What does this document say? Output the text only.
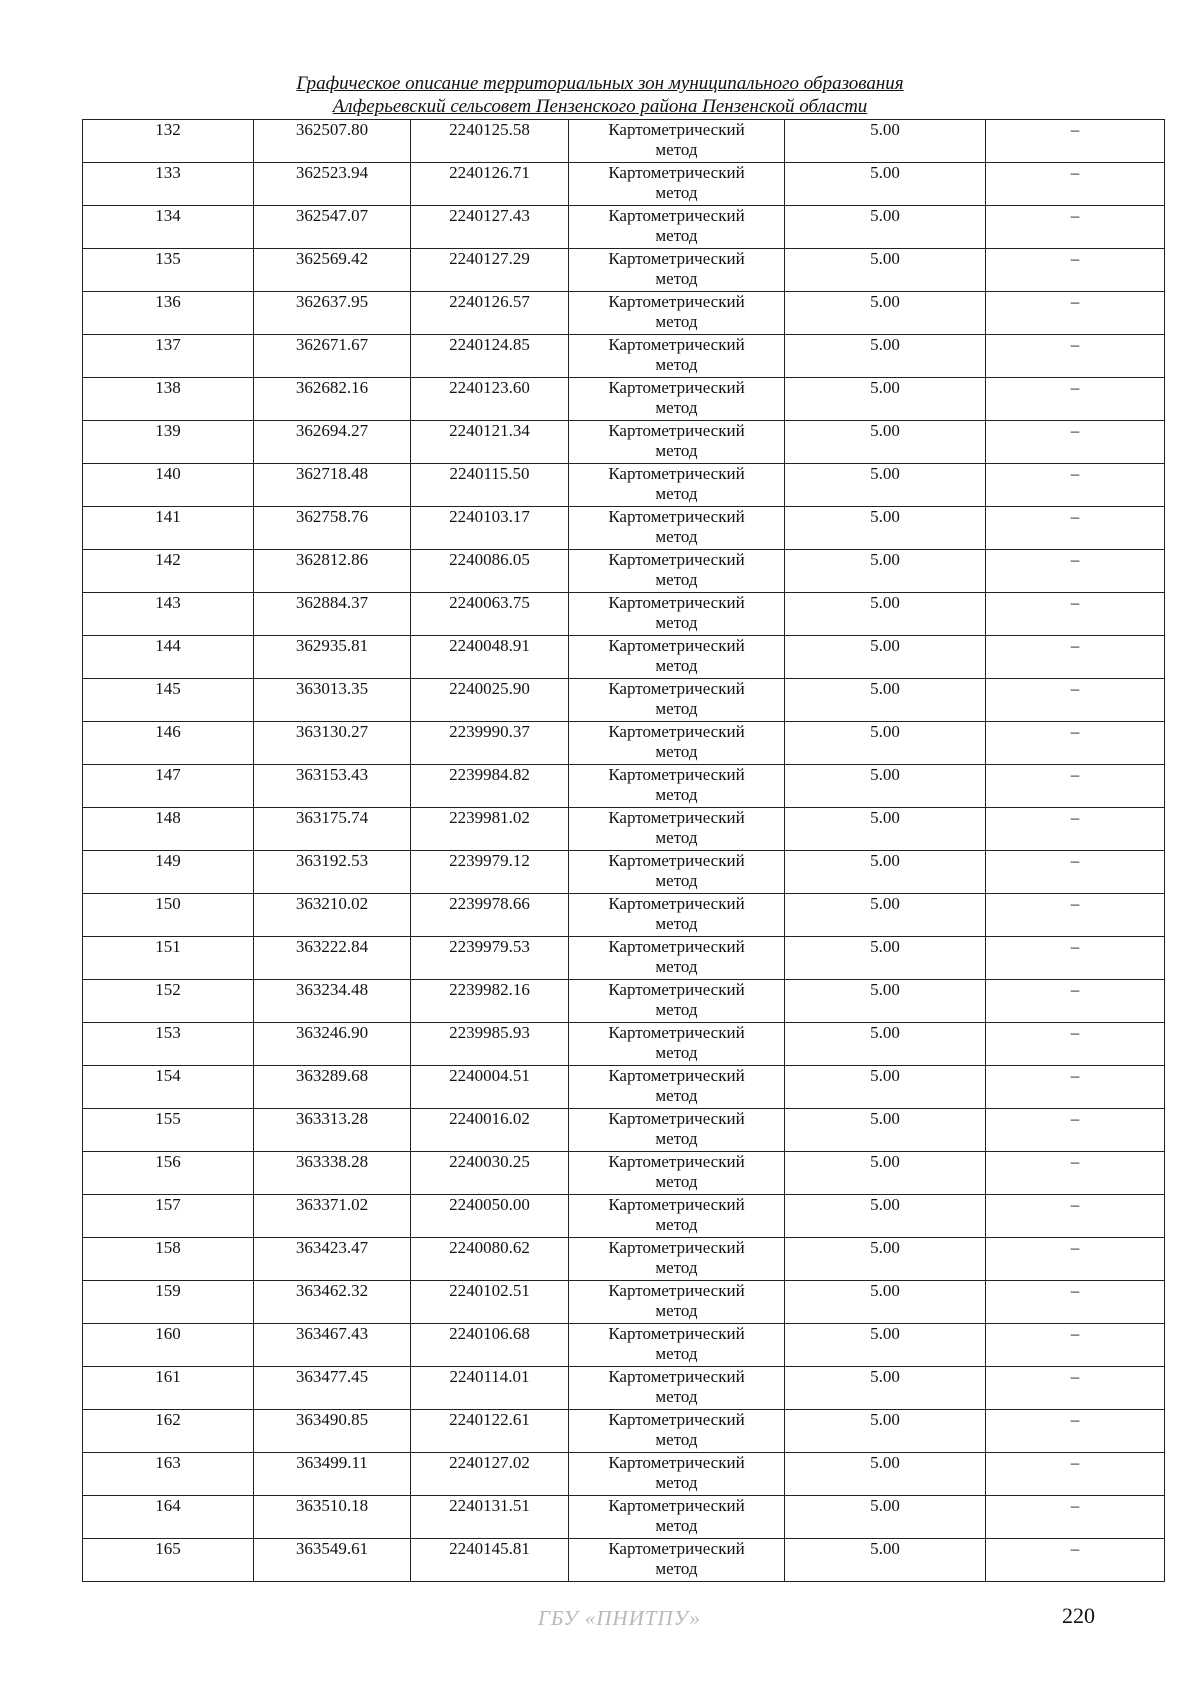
Графическое описание территориальных зон муниципального образования
Алферьевский сельсовет Пензенского района Пензенской области
132	362507.80	2240125.58	Картометрический
метод	5.00	–
133	362523.94	2240126.71	Картометрический
метод	5.00	–
134	362547.07	2240127.43	Картометрический
метод	5.00	–
135	362569.42	2240127.29	Картометрический
метод	5.00	–
136	362637.95	2240126.57	Картометрический
метод	5.00	–
137	362671.67	2240124.85	Картометрический
метод	5.00	–
138	362682.16	2240123.60	Картометрический
метод	5.00	–
139	362694.27	2240121.34	Картометрический
метод	5.00	–
140	362718.48	2240115.50	Картометрический
метод	5.00	–
141	362758.76	2240103.17	Картометрический
метод	5.00	–
142	362812.86	2240086.05	Картометрический
метод	5.00	–
143	362884.37	2240063.75	Картометрический
метод	5.00	–
144	362935.81	2240048.91	Картометрический
метод	5.00	–
145	363013.35	2240025.90	Картометрический
метод	5.00	–
146	363130.27	2239990.37	Картометрический
метод	5.00	–
147	363153.43	2239984.82	Картометрический
метод	5.00	–
148	363175.74	2239981.02	Картометрический
метод	5.00	–
149	363192.53	2239979.12	Картометрический
метод	5.00	–
150	363210.02	2239978.66	Картометрический
метод	5.00	–
151	363222.84	2239979.53	Картометрический
метод	5.00	–
152	363234.48	2239982.16	Картометрический
метод	5.00	–
153	363246.90	2239985.93	Картометрический
метод	5.00	–
154	363289.68	2240004.51	Картометрический
метод	5.00	–
155	363313.28	2240016.02	Картометрический
метод	5.00	–
156	363338.28	2240030.25	Картометрический
метод	5.00	–
157	363371.02	2240050.00	Картометрический
метод	5.00	–
158	363423.47	2240080.62	Картометрический
метод	5.00	–
159	363462.32	2240102.51	Картометрический
метод	5.00	–
160	363467.43	2240106.68	Картометрический
метод	5.00	–
161	363477.45	2240114.01	Картометрический
метод	5.00	–
162	363490.85	2240122.61	Картометрический
метод	5.00	–
163	363499.11	2240127.02	Картометрический
метод	5.00	–
164	363510.18	2240131.51	Картометрический
метод	5.00	–
165	363549.61	2240145.81	Картометрический
метод	5.00	–
ГБУ «ПНИТПУ»	220
